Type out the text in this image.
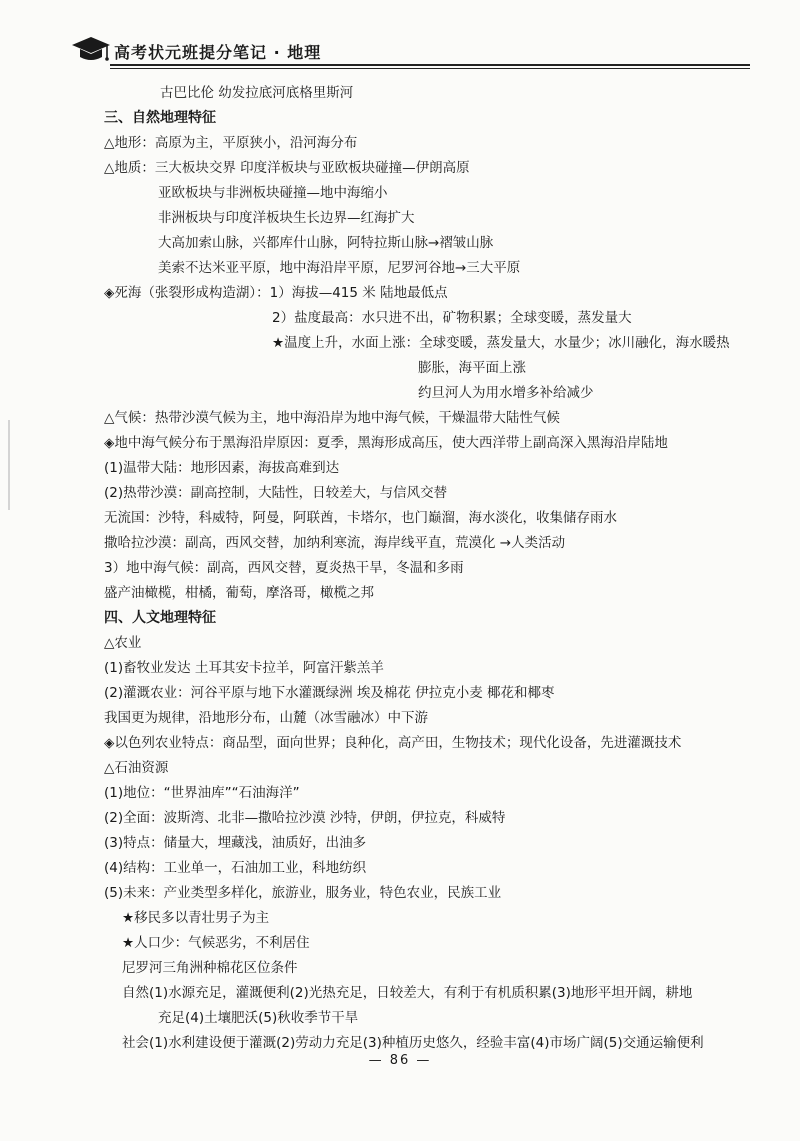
高考状元班提分笔记 · 地理
古巴比伦 幼发拉底河底格里斯河
三、自然地理特征
△地形：高原为主，平原狭小，沿河海分布
△地质：三大板块交界 印度洋板块与亚欧板块碰撞—伊朗高原
亚欧板块与非洲板块碰撞—地中海缩小
非洲板块与印度洋板块生长边界—红海扩大
大高加索山脉，兴都库什山脉，阿特拉斯山脉→褶皱山脉
美索不达米亚平原，地中海沿岸平原，尼罗河谷地→三大平原
◈死海（张裂形成构造湖）：1）海拔—415 米 陆地最低点
2）盐度最高：水只进不出，矿物积累；全球变暖，蒸发量大
★温度上升，水面上涨：全球变暖，蒸发量大，水量少；冰川融化，海水暖热
膨胀，海平面上涨
约旦河人为用水增多补给减少
△气候：热带沙漠气候为主，地中海沿岸为地中海气候，干燥温带大陆性气候
◈地中海气候分布于黑海沿岸原因：夏季，黑海形成高压，使大西洋带上副高深入黑海沿岸陆地
(1)温带大陆：地形因素，海拔高难到达
(2)热带沙漠：副高控制，大陆性，日较差大，与信风交替
无流国：沙特，科威特，阿曼，阿联酋，卡塔尔，也门巅溜，海水淡化，收集储存雨水
撒哈拉沙漠：副高，西风交替，加纳利寒流，海岸线平直，荒漠化 →人类活动
3）地中海气候：副高，西风交替，夏炎热干旱，冬温和多雨
盛产油橄榄，柑橘，葡萄，摩洛哥，橄榄之邦
四、人文地理特征
△农业
(1)畜牧业发达 土耳其安卡拉羊，阿富汗紫羔羊
(2)灌溉农业：河谷平原与地下水灌溉绿洲 埃及棉花 伊拉克小麦 椰花和椰枣
我国更为规律，沿地形分布，山麓（冰雪融冰）中下游
◈以色列农业特点：商品型，面向世界；良种化，高产田，生物技术；现代化设备，先进灌溉技术
△石油资源
(1)地位：“世界油库”“石油海洋”
(2)全面：波斯湾、北非—撒哈拉沙漠 沙特，伊朗，伊拉克，科威特
(3)特点：储量大，埋藏浅，油质好，出油多
(4)结构：工业单一，石油加工业，科地纺织
(5)未来：产业类型多样化，旅游业，服务业，特色农业，民族工业
★移民多以青壮男子为主
★人口少：气候恶劣，不利居住
尼罗河三角洲种棉花区位条件
自然(1)水源充足，灌溉便利(2)光热充足，日较差大，有利于有机质积累(3)地形平坦开阔，耕地
充足(4)土壤肥沃(5)秋收季节干旱
社会(1)水利建设便于灌溉(2)劳动力充足(3)种植历史悠久，经验丰富(4)市场广阔(5)交通运输便利
— 86 —
